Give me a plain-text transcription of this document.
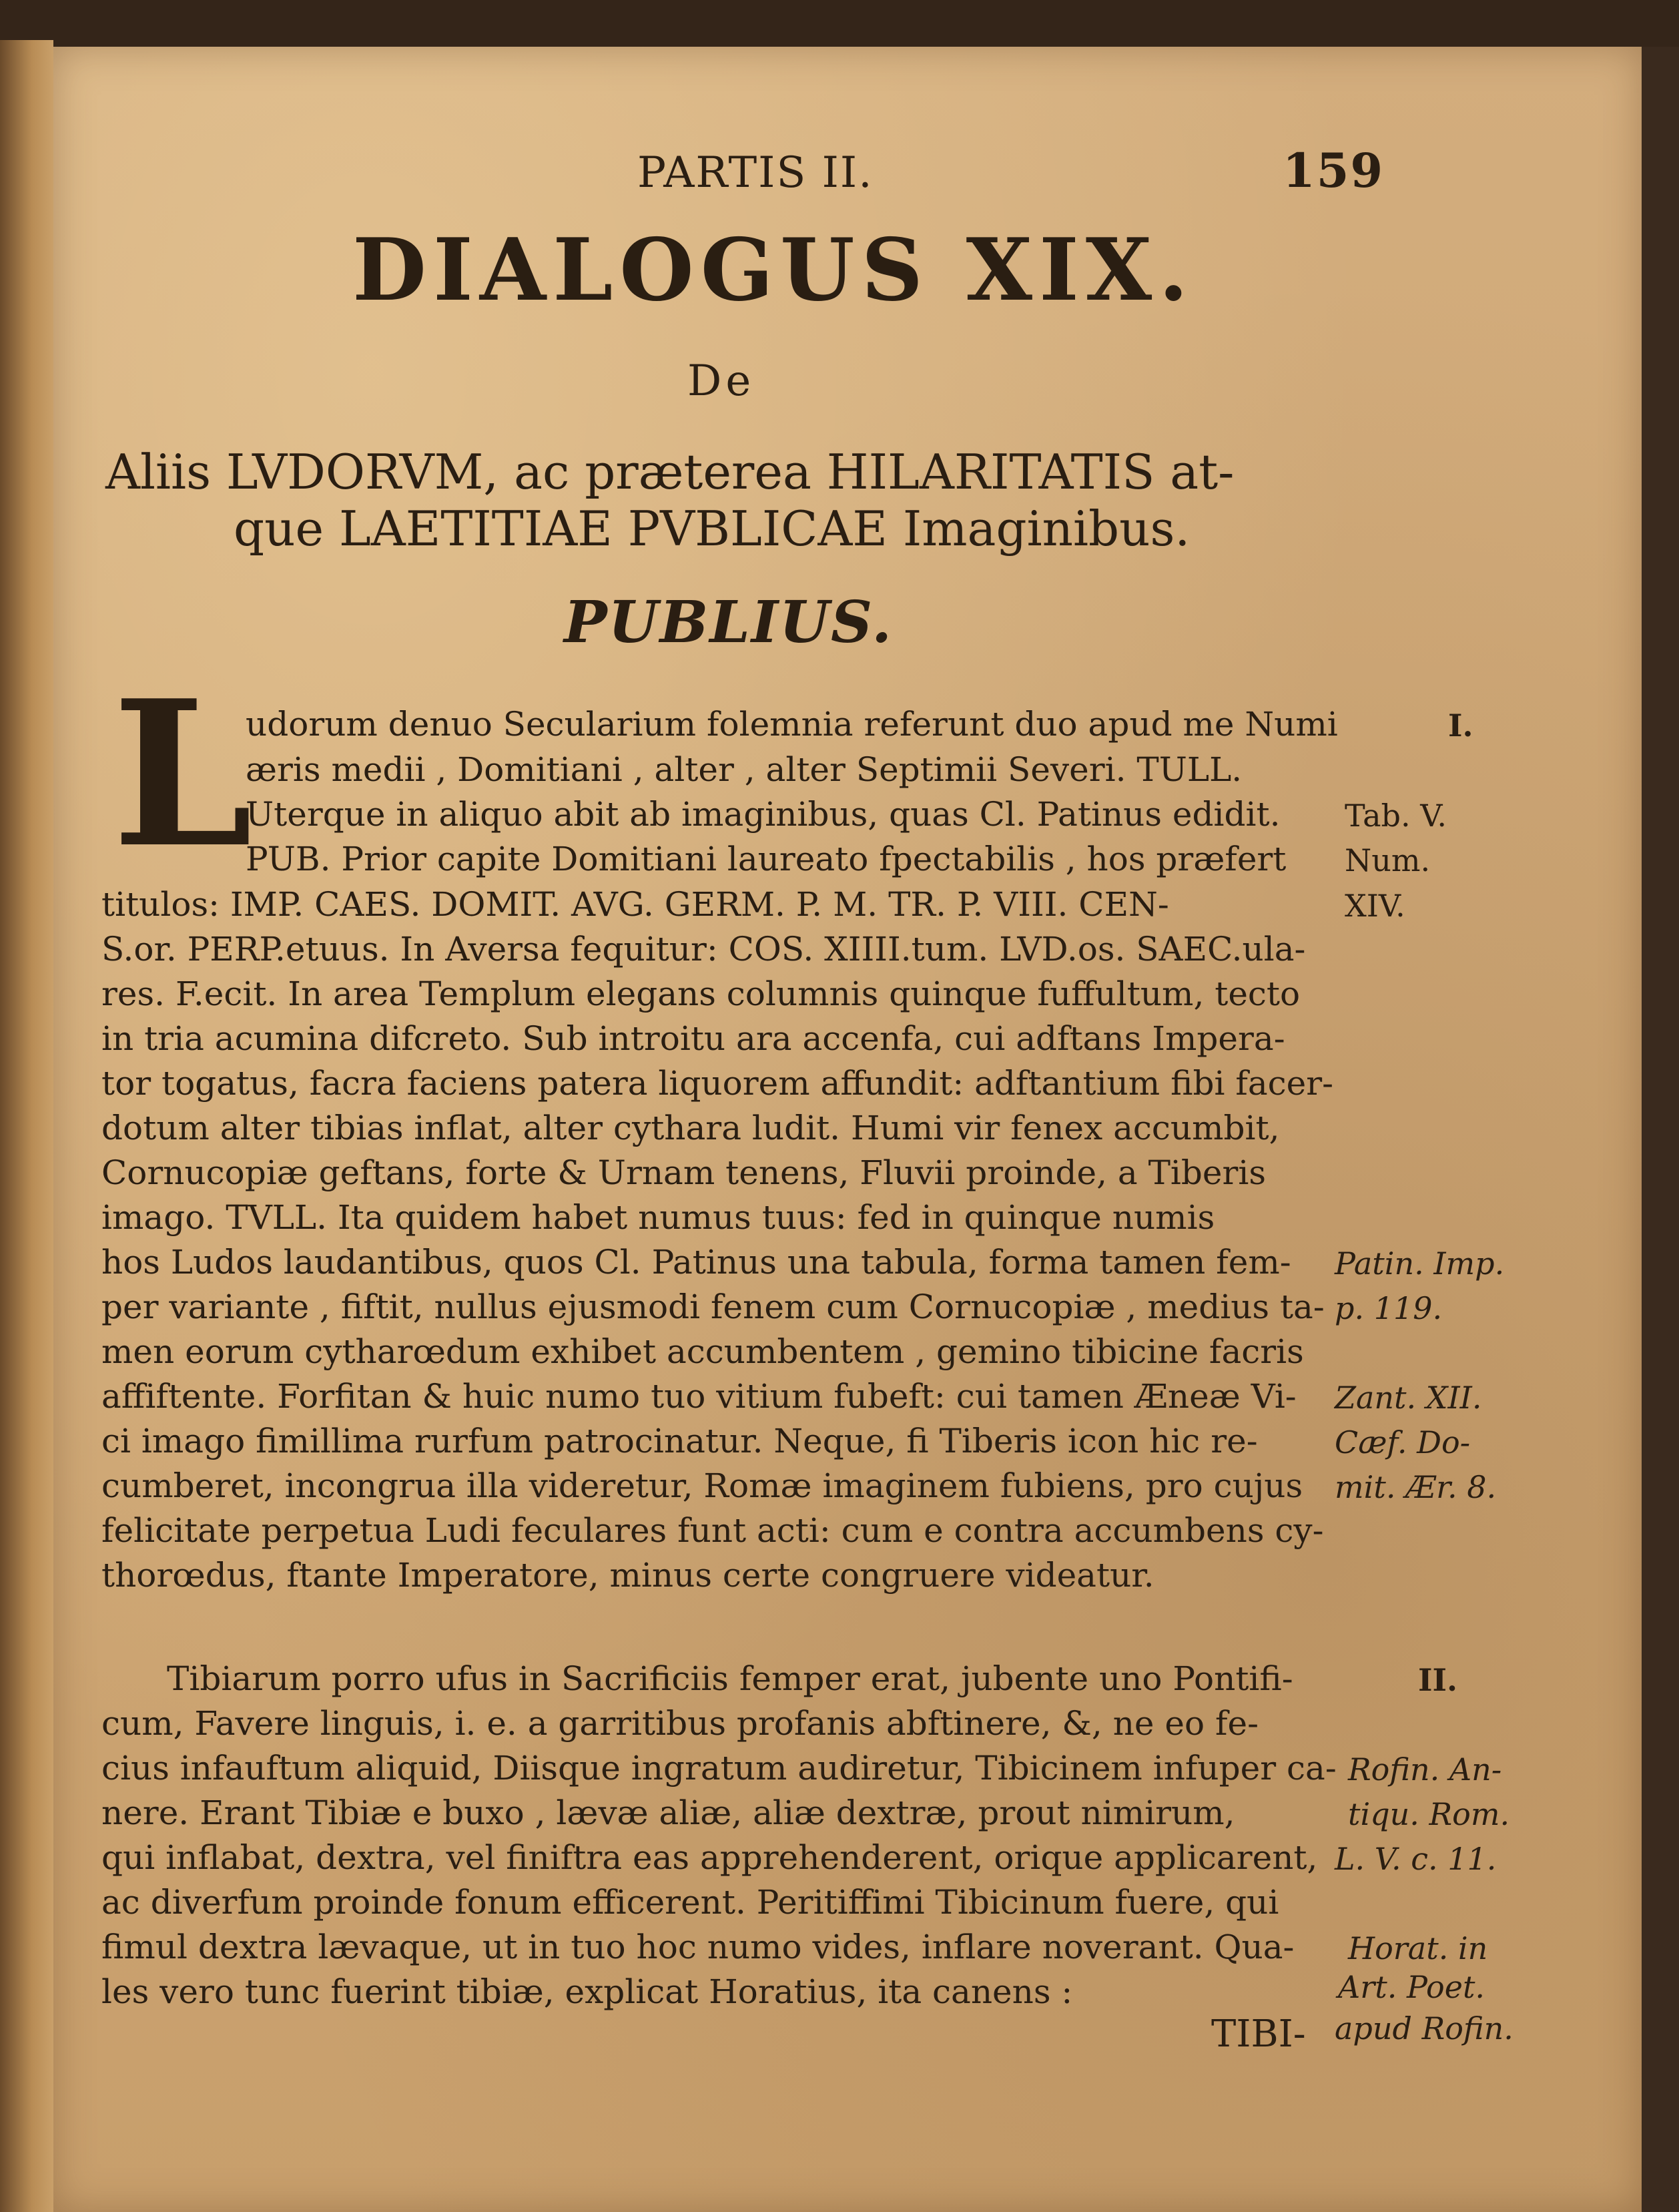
PARTIS II.	159
DIALOGUS XIX.
De
Aliis LVDORVM, ac præterea HILARITATIS at-
que LAETITIAE PVBLICAE Imaginibus.
PUBLIUS.
L
udorum denuo Secularium folemnia referunt duo apud me Numi
æris medii , Domitiani , alter , alter Septimii Severi. TULL.
Uterque in aliquo abit ab imaginibus, quas Cl. Patinus edidit.
PUB. Prior capite Domitiani laureato fpectabilis , hos præfert
titulos: IMP. CAES. DOMIT. AVG. GERM. P. M. TR. P. VIII. CEN-
S.or. PERP.etuus. In Aversa fequitur: COS. XIIII.tum. LVD.os. SAEC.ula-
res. F.ecit. In area Templum elegans columnis quinque fuffultum, tecto
in tria acumina difcreto. Sub introitu ara accenfa, cui adftans Impera-
tor togatus, facra faciens patera liquorem affundit: adftantium fibi facer-
dotum alter tibias inflat, alter cythara ludit. Humi vir fenex accumbit,
Cornucopiæ geftans, forte & Urnam tenens, Fluvii proinde, a Tiberis
imago. TVLL. Ita quidem habet numus tuus: fed in quinque numis
hos Ludos laudantibus, quos Cl. Patinus una tabula, forma tamen fem-
per variante , fiftit, nullus ejusmodi fenem cum Cornucopiæ , medius ta-
men eorum cytharœdum exhibet accumbentem , gemino tibicine facris
affiftente. Forfitan & huic numo tuo vitium fubeft: cui tamen Æneæ Vi-
ci imago fimillima rurfum patrocinatur. Neque, fi Tiberis icon hic re-
cumberet, incongrua illa videretur, Romæ imaginem fubiens, pro cujus
felicitate perpetua Ludi feculares funt acti: cum e contra accumbens cy-
thorœdus, ftante Imperatore, minus certe congruere videatur.
Tibiarum porro ufus in Sacrificiis femper erat, jubente uno Pontifi-
cum, Favere linguis, i. e. a garritibus profanis abftinere, &, ne eo fe-
cius infauftum aliquid, Diisque ingratum audiretur, Tibicinem infuper ca-
nere. Erant Tibiæ e buxo , lævæ aliæ, aliæ dextræ, prout nimirum,
qui inflabat, dextra, vel finiftra eas apprehenderent, orique applicarent,
ac diverfum proinde fonum efficerent. Peritiffimi Tibicinum fuere, qui
fimul dextra lævaque, ut in tuo hoc numo vides, inflare noverant. Qua-
les vero tunc fuerint tibiæ, explicat Horatius, ita canens :
TIBI-
I.
Tab. V.
Num.
XIV.
Patin. Imp.
p. 119.
Zant. XII.
Cæf. Do-
mit. Ær. 8.
II.
Rofin. An-
tiqu. Rom.
L. V. c. 11.
Horat. in
Art. Poet.
apud Rofin.
